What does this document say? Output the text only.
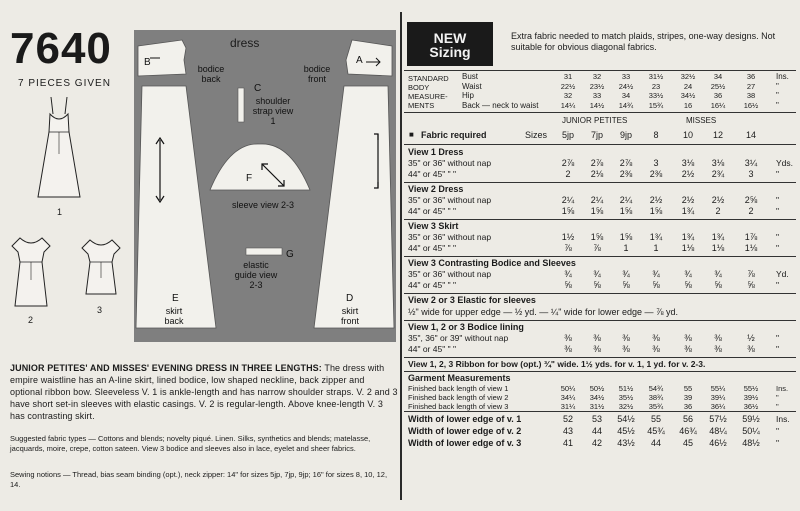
7640
7 PIECES GIVEN
1
2
3
dress
B
bodice back
A
bodice front
C
shoulder strap view 1
F
sleeve view 2-3
G
elastic guide view 2-3
E
skirt back
D
skirt front
JUNIOR PETITES' AND MISSES' EVENING DRESS IN THREE LENGTHS: The dress with empire waistline has an A-line skirt, lined bodice, low shaped neckline, back zipper and optional ribbon bow. Sleeveless V. 1 is ankle-length and has narrow shoulder straps. V. 2 and 3 have short set-in sleeves with elastic casings. V. 2 is regular-length. Above knee-length V. 3 has contrasting skirt.
Suggested fabric types — Cottons and blends; novelty piqué. Linen. Silks, synthetics and blends; matelasse, jacquards, moire, crepe, cotton sateen. View 3 bodice and sleeves also in lace, eyelet and sheer fabrics.
Sewing notions — Thread, bias seam binding (opt.), neck zipper: 14" for sizes 5jp, 7jp, 9jp; 16" for sizes 8, 10, 12, 14.
NEW
Sizing
Extra fabric needed to match plaids, stripes, one-way designs. Not suitable for obvious diagonal fabrics.
STANDARD
BODY
MEASURE-
MENTS
Bust	31	32	33	31½	32½	34	36	Ins.
Waist	22½	23½	24½	23	24	25½	27	"
Hip	32	33	34	33½	34½	36	38	"
Back — neck to waist	14¼	14½	14¾	15¾	16	16¼	16½	"
JUNIOR PETITES	MISSES
■ Fabric required	Sizes	5jp	7jp	9jp	8	10	12	14
View 1 Dress
35" or 36" without nap	2⅞	2⅞	2⅞	3	3⅛	3⅛	3¼	Yds.
44" or 45" " "	2	2⅛	2⅜	2⅜	2½	2¾	3	"
View 2 Dress
35" or 36" without nap	2¼	2¼	2¼	2½	2½	2½	2⅝	"
44" or 45" " "	1⅝	1⅝	1⅝	1⅝	1¾	2	2	"
View 3 Skirt
35" or 36" without nap	1½	1⅝	1⅝	1¾	1¾	1¾	1⅞	"
44" or 45" " "	⅞	⅞	1	1	1⅛	1⅛	1⅛	"
View 3 Contrasting Bodice and Sleeves
35" or 36" without nap	¾	¾	¾	¾	¾	¾	⅞	Yd.
44" or 45" " "	⅝	⅝	⅝	⅝	⅝	⅝	⅝	"
View 2 or 3 Elastic for sleeves
½" wide for upper edge — ½ yd. — ¼" wide for lower edge — ⅞ yd.
View 1, 2 or 3 Bodice lining
35", 36" or 39" without nap	⅜	⅜	⅜	⅜	⅜	⅜	½	"
44" or 45" " "	⅜	⅜	⅜	⅜	⅜	⅜	⅜	"
View 1, 2, 3 Ribbon for bow (opt.) ¾" wide. 1½ yds. for v. 1, 1 yd. for v. 2-3.
Garment Measurements
Finished back length of view 1	50¼	50½	51½	54¾	55	55¼	55½	Ins.
Finished back length of view 2	34¼	34½	35½	38¾	39	39¼	39½	"
Finished back length of view 3	31¼	31½	32½	35¾	36	36¼	36½	"
Width of lower edge of v. 1	52	53	54½	55	56	57½	59½	Ins.
Width of lower edge of v. 2	43	44	45½	45¾	46¾	48¼	50¼	"
Width of lower edge of v. 3	41	42	43½	44	45	46½	48½	"
